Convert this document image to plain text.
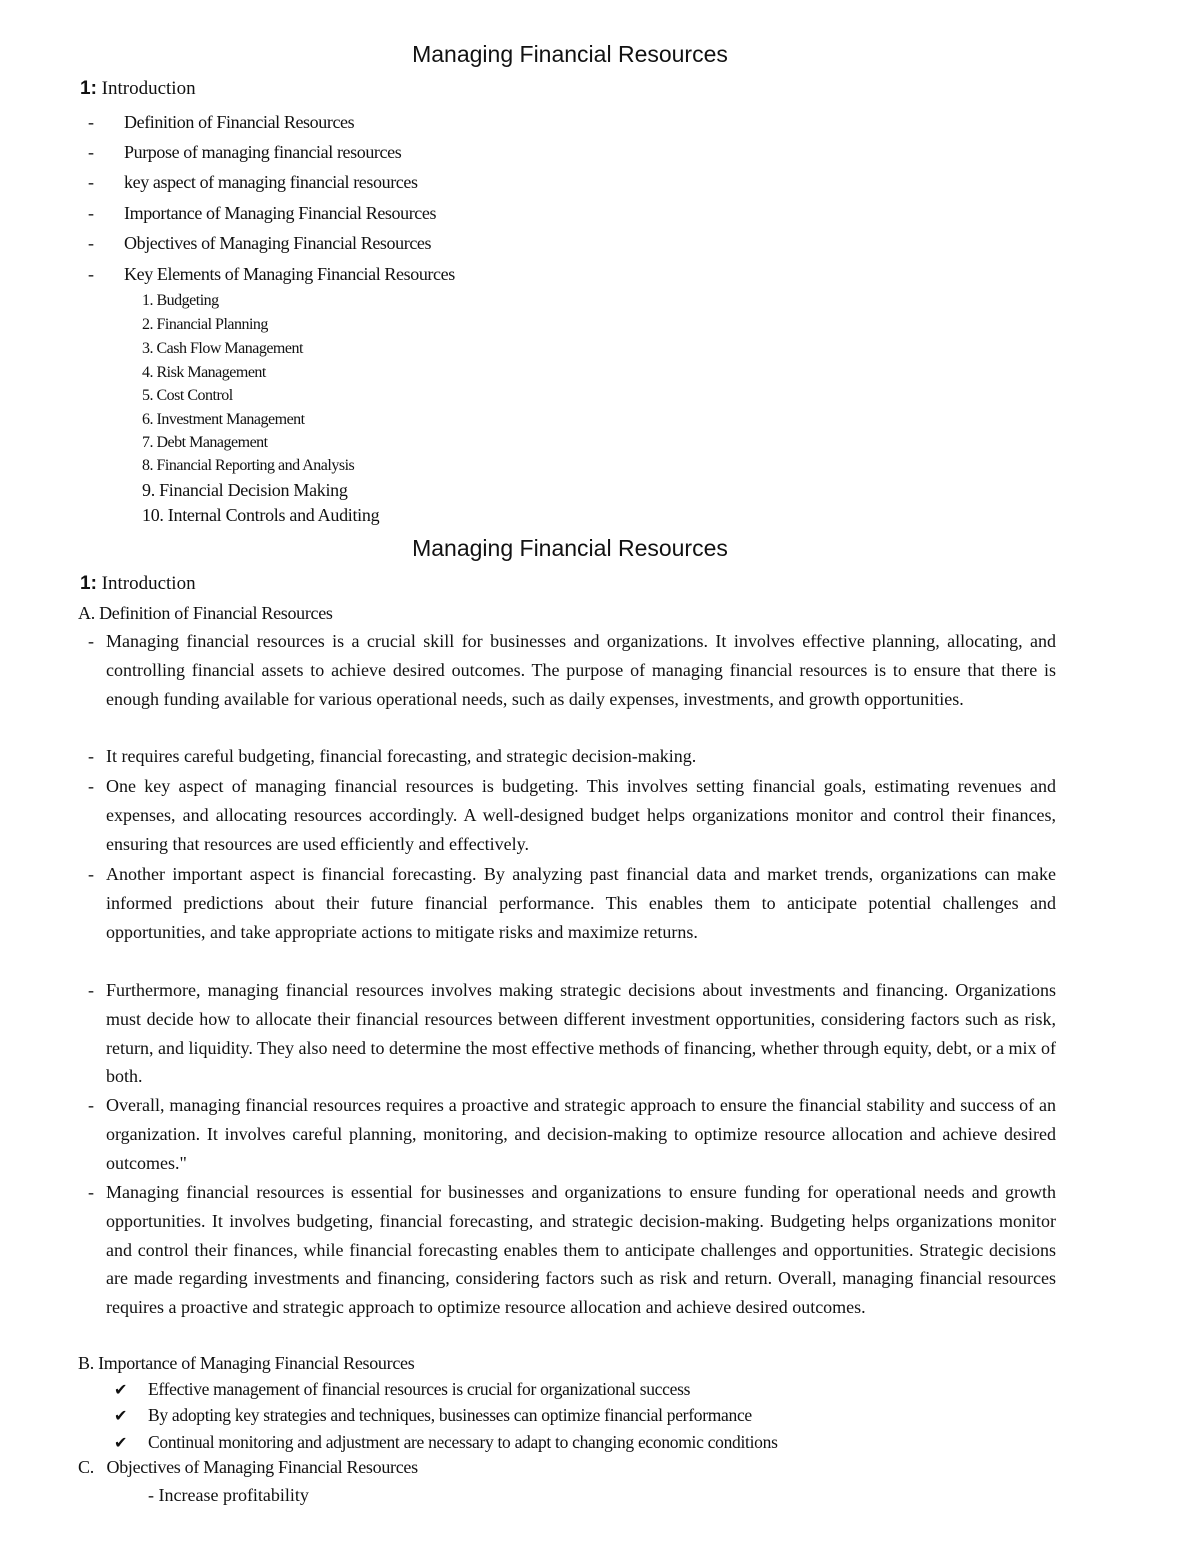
Managing Financial Resources
1: Introduction
- Definition of Financial Resources
- Purpose of managing financial resources
- key aspect of managing financial resources
- Importance of Managing Financial Resources
- Objectives of Managing Financial Resources
- Key Elements of Managing Financial Resources
1. Budgeting
2. Financial Planning
3. Cash Flow Management
4. Risk Management
5. Cost Control
6. Investment Management
7. Debt Management
8. Financial Reporting and Analysis
9. Financial Decision Making
10. Internal Controls and Auditing
Managing Financial Resources
1: Introduction
A. Definition of Financial Resources
- Managing financial resources is a crucial skill for businesses and organizations. It involves effective planning, allocating, and controlling financial assets to achieve desired outcomes. The purpose of managing financial resources is to ensure that there is enough funding available for various operational needs, such as daily expenses, investments, and growth opportunities.
- It requires careful budgeting, financial forecasting, and strategic decision-making.
- One key aspect of managing financial resources is budgeting. This involves setting financial goals, estimating revenues and expenses, and allocating resources accordingly. A well-designed budget helps organizations monitor and control their finances, ensuring that resources are used efficiently and effectively.
- Another important aspect is financial forecasting. By analyzing past financial data and market trends, organizations can make informed predictions about their future financial performance. This enables them to anticipate potential challenges and opportunities, and take appropriate actions to mitigate risks and maximize returns.
- Furthermore, managing financial resources involves making strategic decisions about investments and financing. Organizations must decide how to allocate their financial resources between different investment opportunities, considering factors such as risk, return, and liquidity. They also need to determine the most effective methods of financing, whether through equity, debt, or a mix of both.
- Overall, managing financial resources requires a proactive and strategic approach to ensure the financial stability and success of an organization. It involves careful planning, monitoring, and decision-making to optimize resource allocation and achieve desired outcomes."
- Managing financial resources is essential for businesses and organizations to ensure funding for operational needs and growth opportunities. It involves budgeting, financial forecasting, and strategic decision-making. Budgeting helps organizations monitor and control their finances, while financial forecasting enables them to anticipate challenges and opportunities. Strategic decisions are made regarding investments and financing, considering factors such as risk and return. Overall, managing financial resources requires a proactive and strategic approach to optimize resource allocation and achieve desired outcomes.
B. Importance of Managing Financial Resources
✔ Effective management of financial resources is crucial for organizational success
✔ By adopting key strategies and techniques, businesses can optimize financial performance
✔ Continual monitoring and adjustment are necessary to adapt to changing economic conditions
C.   Objectives of Managing Financial Resources
- Increase profitability
